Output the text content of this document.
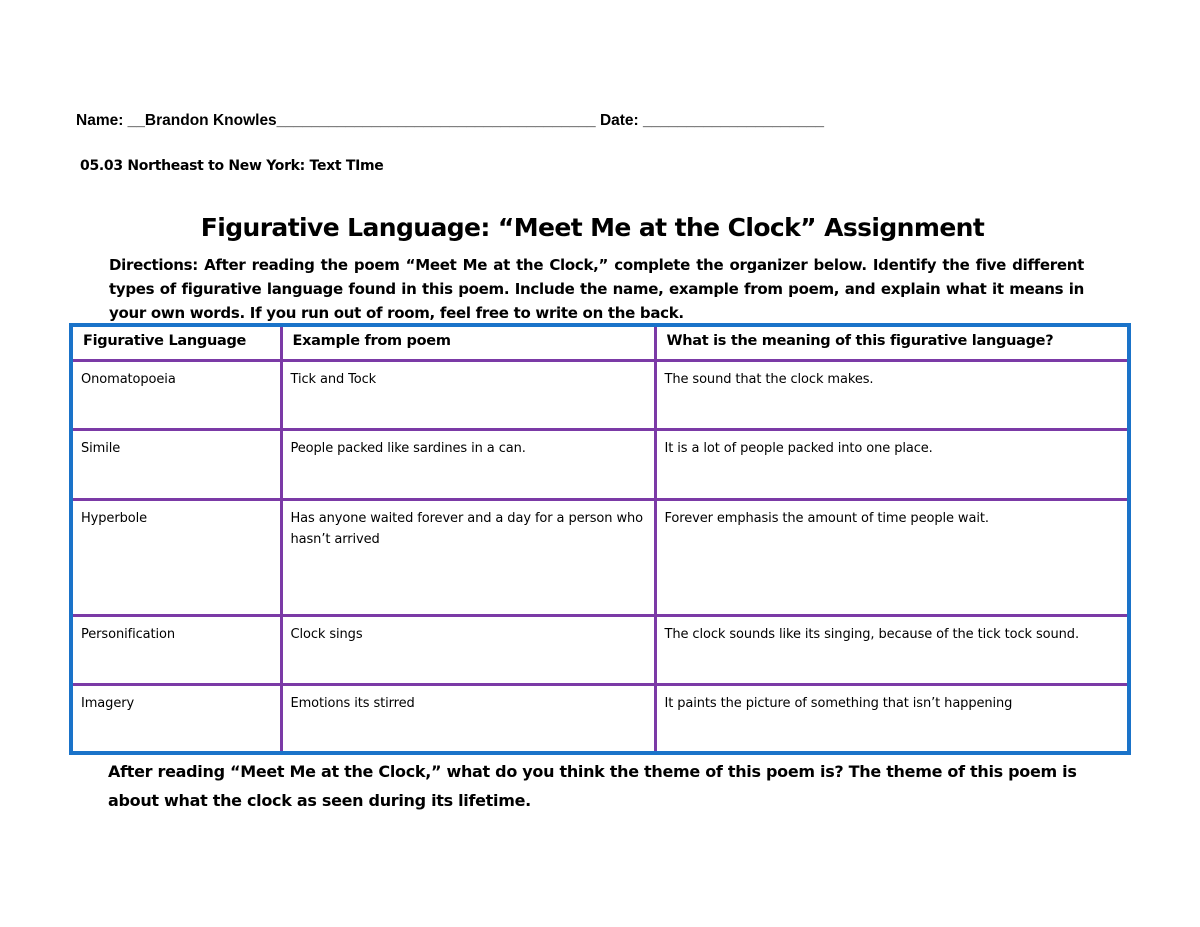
Name: __Brandon Knowles_____________________________________ Date: _____________________
05.03 Northeast to New York: Text TIme
Figurative Language: “Meet Me at the Clock” Assignment
Directions: After reading the poem “Meet Me at the Clock,” complete the organizer below. Identify the five different types of figurative language found in this poem. Include the name, example from poem, and explain what it means in your own words. If you run out of room, feel free to write on the back.
Figurative Language	Example from poem	What is the meaning of this figurative language?
Onomatopoeia	Tick and Tock	The sound that the clock makes.
Simile	People packed like sardines in a can.	It is a lot of people packed into one place.
Hyperbole	Has anyone waited forever and a day for a person who hasn’t arrived	Forever emphasis the amount of time people wait.
Personification	Clock sings	The clock sounds like its singing, because of the tick tock sound.
Imagery	Emotions its stirred	It paints the picture of something that isn’t happening
After reading “Meet Me at the Clock,” what do you think the theme of this poem is? The theme of this poem is about what the clock as seen during its lifetime.
